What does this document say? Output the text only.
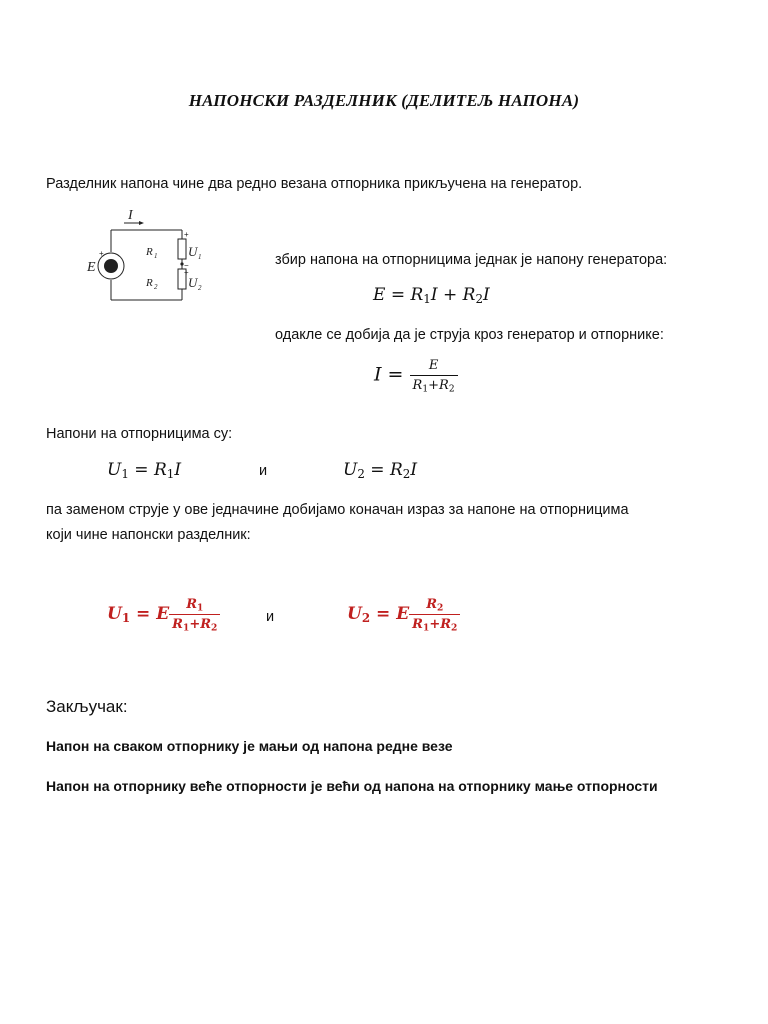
НАПОНСКИ РАЗДЕЛНИК (ДЕЛИТЕЉ НАПОНА)
Разделник напона чине два редно везана отпорника прикључена на генератор.
I
E
R 1
R 2
U 1
U 2
+
+
−
+
збир напона на отпорницима једнак је напону генератора:
$E = R_1I + R_2I$
одакле се добија да је струја кроз генератор и отпорнике:
$I = \frac{E}{R_1+R_2}$
Напони на отпорницима су:
$U_1 = R_1I$	и	$U_2 = R_2I$
па заменом струје у ове једначине добијамо коначан израз за напоне на отпорницима
који чине напонски разделник:
$U_1 = E \frac{R_1}{R_1+R_2}$	и	$U_2 = E \frac{R_2}{R_1+R_2}$
Закључак:
Напон на сваком отпорнику је мањи од напона редне везе
Напон на отпорнику веће отпорности је већи од напона на отпорнику мање отпорности
